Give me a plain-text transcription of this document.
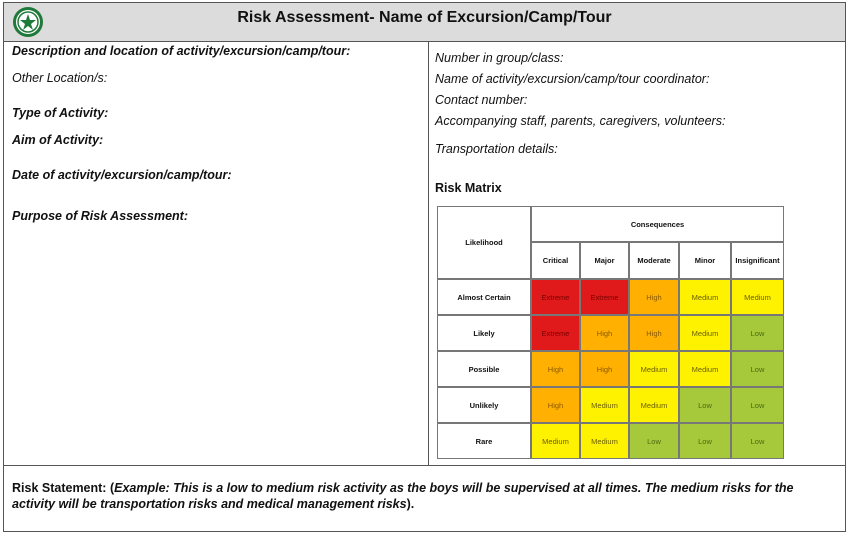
Risk Assessment- Name of Excursion/Camp/Tour
Description and location of activity/excursion/camp/tour:
Other Location/s:
Type of Activity:
Aim of Activity:
Date of activity/excursion/camp/tour:
Purpose of Risk Assessment:
Number in group/class:
Name of activity/excursion/camp/tour coordinator:
Contact number:
Accompanying staff, parents, caregivers, volunteers:
Transportation details:
Risk Matrix
Likelihood
Consequences
Critical	Major	Moderate	Minor	Insignificant
Almost Certain	Extreme	Extreme	High	Medium	Medium
Likely	Extreme	High	High	Medium	Low
Possible	High	High	Medium	Medium	Low
Unlikely	High	Medium	Medium	Low	Low
Rare	Medium	Medium	Low	Low	Low
Risk Statement: (Example: This is a low to medium risk activity as the boys will be supervised at all times. The medium risks for the activity will be transportation risks and medical management risks).
